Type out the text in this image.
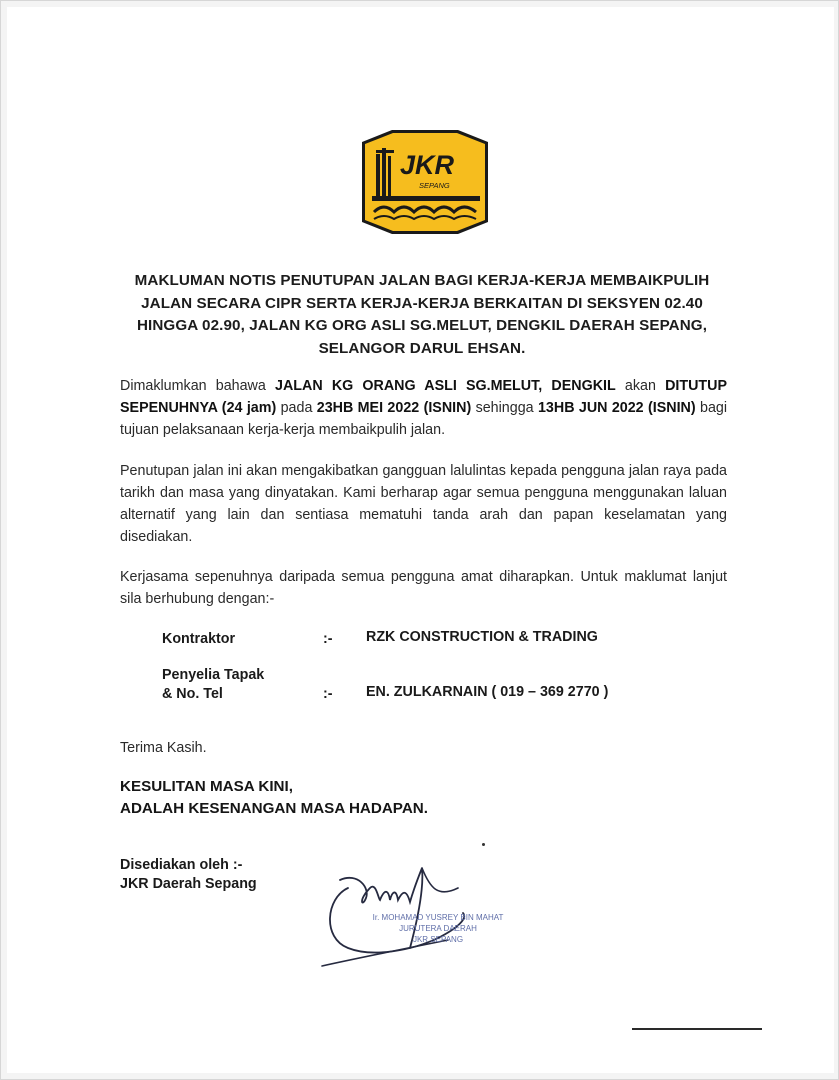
JKR
SEPANG
MAKLUMAN NOTIS PENUTUPAN JALAN BAGI KERJA-KERJA MEMBAIKPULIH
JALAN SECARA CIPR SERTA KERJA-KERJA BERKAITAN DI SEKSYEN 02.40
HINGGA 02.90, JALAN KG ORG ASLI SG.MELUT, DENGKIL DAERAH SEPANG,
SELANGOR DARUL EHSAN.
Dimaklumkan bahawa JALAN KG ORANG ASLI SG.MELUT, DENGKIL akan DITUTUP SEPENUHNYA (24 jam) pada 23HB MEI 2022 (ISNIN) sehingga 13HB JUN 2022 (ISNIN) bagi tujuan pelaksanaan kerja-kerja membaikpulih jalan.
Penutupan jalan ini akan mengakibatkan gangguan lalulintas kepada pengguna jalan raya pada tarikh dan masa yang dinyatakan. Kami berharap agar semua pengguna menggunakan laluan alternatif yang lain dan sentiasa mematuhi tanda arah dan papan keselamatan yang disediakan.
Kerjasama sepenuhnya daripada semua pengguna amat diharapkan. Untuk maklumat lanjut sila berhubung dengan:-
Kontraktor	:- RZK CONSTRUCTION & TRADING
Penyelia Tapak
& No. Tel	:- EN. ZULKARNAIN ( 019 – 369 2770 )
Terima Kasih.
KESULITAN MASA KINI,
ADALAH KESENANGAN MASA HADAPAN.
Disediakan oleh :-
JKR Daerah Sepang
Ir. MOHAMAD YUSREY BIN MAHAT
JURUTERA DAERAH
JKR SEPANG
